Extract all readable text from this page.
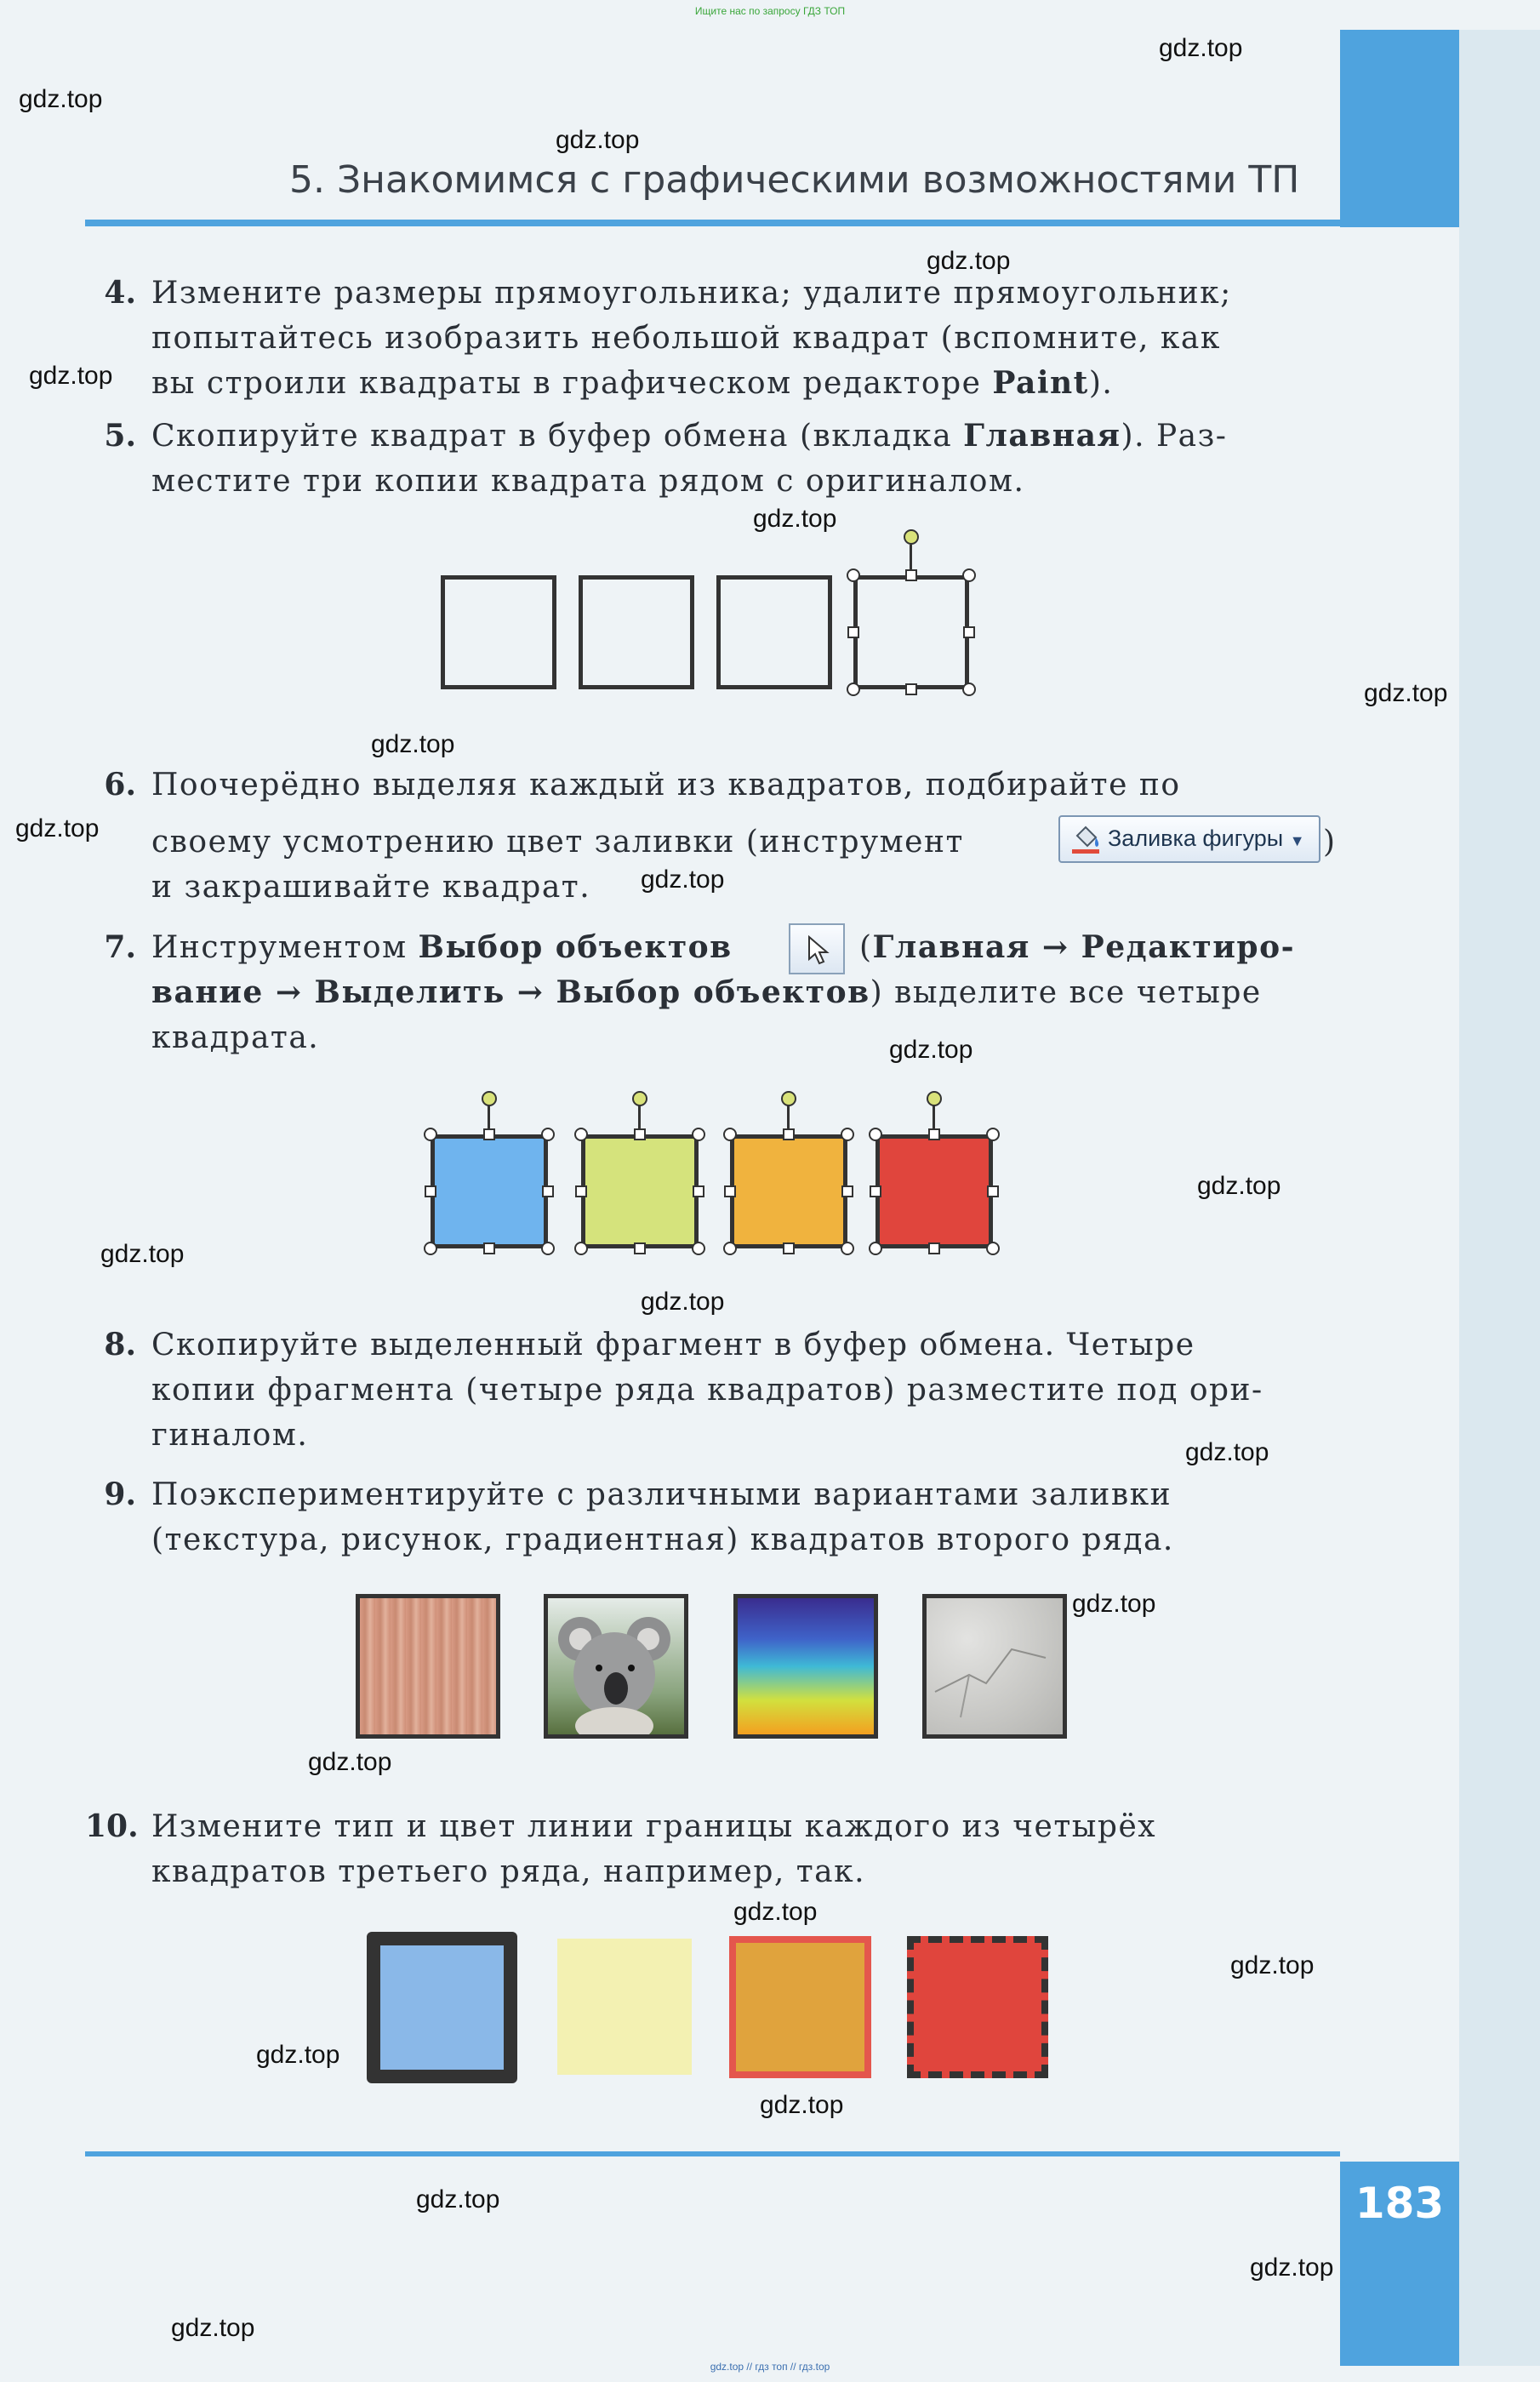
Ищите нас по запросу ГДЗ ТОП
gdz.top // гдз топ // гдз.top
5. Знакомимся с графическими возможностями ТП
183
4. Измените размеры прямоугольника; удалите прямоугольник;
попытайтесь изобразить небольшой квадрат (вспомните, как
вы строили квадраты в графическом редакторе Paint).
5. Скопируйте квадрат в буфер обмена (вкладка Главная). Раз-
местите три копии квадрата рядом с оригиналом.
6. Поочерёдно выделяя каждый из квадратов, подбирайте по
своему усмотрению цвет заливки (инструмент	Заливка фигуры ▼ )
и закрашивайте квадрат.
7. Инструментом Выбор объектов	(Главная → Редактиро-
вание → Выделить → Выбор объектов) выделите все четыре
квадрата.
8. Скопируйте выделенный фрагмент в буфер обмена. Четыре
копии фрагмента (четыре ряда квадратов) разместите под ори-
гиналом.
9. Поэкспериментируйте с различными вариантами заливки
(текстура, рисунок, градиентная) квадратов второго ряда.
10. Измените тип и цвет линии границы каждого из четырёх
квадратов третьего ряда, например, так.
gdz.top
gdz.top
gdz.top
gdz.top
gdz.top
gdz.top
gdz.top
gdz.top
gdz.top
gdz.top
gdz.top
gdz.top
gdz.top
gdz.top
gdz.top
gdz.top
gdz.top
gdz.top
gdz.top
gdz.top
gdz.top
gdz.top
gdz.top
gdz.top
